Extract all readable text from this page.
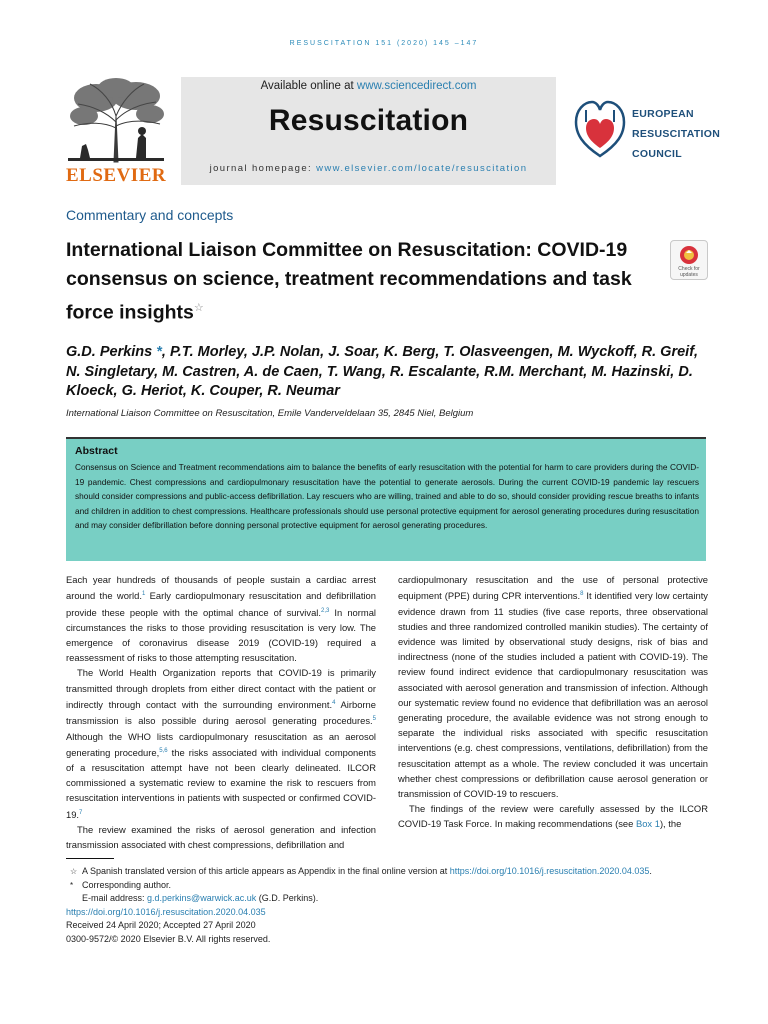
RESUSCITATION 151 (2020) 145 –147
ELSEVIER
Available online at www.sciencedirect.com
Resuscitation
journal homepage: www.elsevier.com/locate/resuscitation
EUROPEAN
RESUSCITATION
COUNCIL
Commentary and concepts
International Liaison Committee on Resuscitation: COVID-19 consensus on science, treatment recommendations and task force insights☆
Check for
updates
G.D. Perkins *, P.T. Morley, J.P. Nolan, J. Soar, K. Berg, T. Olasveengen, M. Wyckoff, R. Greif, N. Singletary, M. Castren, A. de Caen, T. Wang, R. Escalante, R.M. Merchant, M. Hazinski, D. Kloeck, G. Heriot, K. Couper, R. Neumar
International Liaison Committee on Resuscitation, Emile Vanderveldelaan 35, 2845 Niel, Belgium
Abstract
Consensus on Science and Treatment recommendations aim to balance the benefits of early resuscitation with the potential for harm to care providers during the COVID-19 pandemic. Chest compressions and cardiopulmonary resuscitation have the potential to generate aerosols. During the current COVID-19 pandemic lay rescuers should consider compressions and public-access defibrillation. Lay rescuers who are willing, trained and able to do so, should consider providing rescue breaths to infants and children in addition to chest compressions. Healthcare professionals should use personal protective equipment for aerosol generating procedures during resuscitation and may consider defibrillation before donning personal protective equipment for aerosol generating procedures.

Each year hundreds of thousands of people sustain a cardiac arrest around the world.$^1$ Early cardiopulmonary resuscitation and defibrillation provide these people with the optimal chance of survival.$^{2,3}$ In normal circumstances the risks to those providing resuscitation is very low. The emergence of coronavirus disease 2019 (COVID-19) required a reassessment of risks to those attempting resuscitation.

The World Health Organization reports that COVID-19 is primarily transmitted through droplets from either direct contact with the patient or indirectly through contact with the surrounding environment.$^4$ Airborne transmission is also possible during aerosol generating procedures.$^5$ Although the WHO lists cardiopulmonary resuscitation as an aerosol generating procedure,$^{5,6}$ the risks associated with individual components of a resuscitation attempt have not been clearly delineated. ILCOR commissioned a systematic review to examine the risk to rescuers from resuscitation interventions in patients with suspected or confirmed COVID-19.$^7$

The review examined the risks of aerosol generation and infection transmission associated with chest compressions, defibrillation and

cardiopulmonary resuscitation and the use of personal protective equipment (PPE) during CPR interventions.$^8$ It identified very low certainty evidence drawn from 11 studies (five case reports, three observational studies and three randomized controlled manikin studies). The certainty of evidence was limited by observational study designs, risk of bias and indirectness (none of the studies included a patient with COVID-19). The review found indirect evidence that cardiopulmonary resuscitation was associated with aerosol generation and transmission of infection. Although our systematic review found no evidence that defibrillation was an aerosol generating procedure, the available evidence was not strong enough to separate the individual risks associated with specific resuscitation interventions (e.g. chest compressions, ventilations, defibrillation) from the resuscitation attempt as a whole. The review concluded it was uncertain whether chest compressions or defibrillation cause aerosol generation or transmission of COVID-19 to rescuers.

The findings of the review were carefully assessed by the ILCOR COVID-19 Task Force. In making recommendations (see Box 1), the

☆ A Spanish translated version of this article appears as Appendix in the final online version at https://doi.org/10.1016/j.resuscitation.2020.04.035.
* Corresponding author.
E-mail address: g.d.perkins@warwick.ac.uk (G.D. Perkins).
https://doi.org/10.1016/j.resuscitation.2020.04.035
Received 24 April 2020; Accepted 27 April 2020
0300-9572/© 2020 Elsevier B.V. All rights reserved.
